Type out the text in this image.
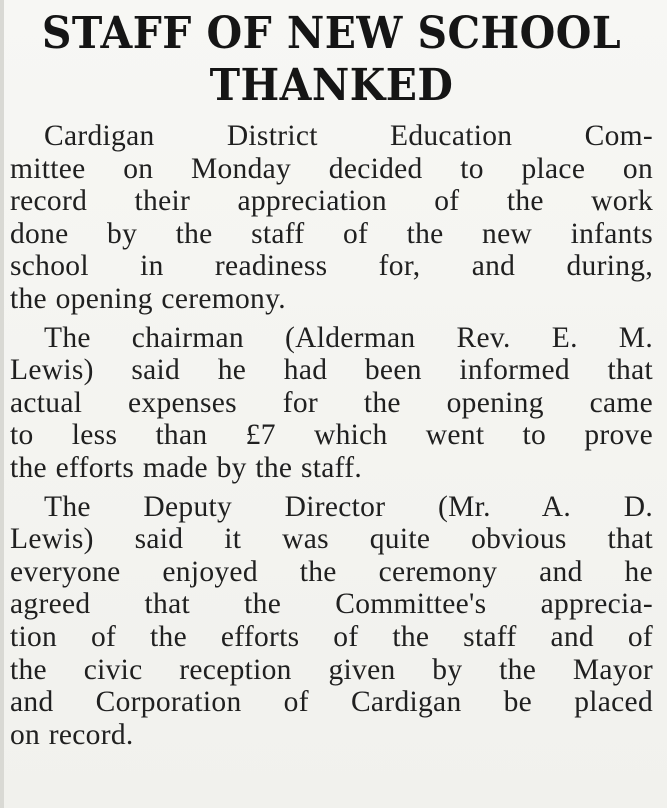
STAFF OF NEW SCHOOL
THANKED

Cardigan District Education Com-
mittee on Monday decided to place on
record their appreciation of the work
done by the staff of the new infants
school in readiness for, and during,
the opening ceremony.

The chairman (Alderman Rev. E. M.
Lewis) said he had been informed that
actual expenses for the opening came
to less than £7 which went to prove
the efforts made by the staff.

The Deputy Director (Mr. A. D.
Lewis) said it was quite obvious that
everyone enjoyed the ceremony and he
agreed that the Committee's apprecia-
tion of the efforts of the staff and of
the civic reception given by the Mayor
and Corporation of Cardigan be placed
on record.
